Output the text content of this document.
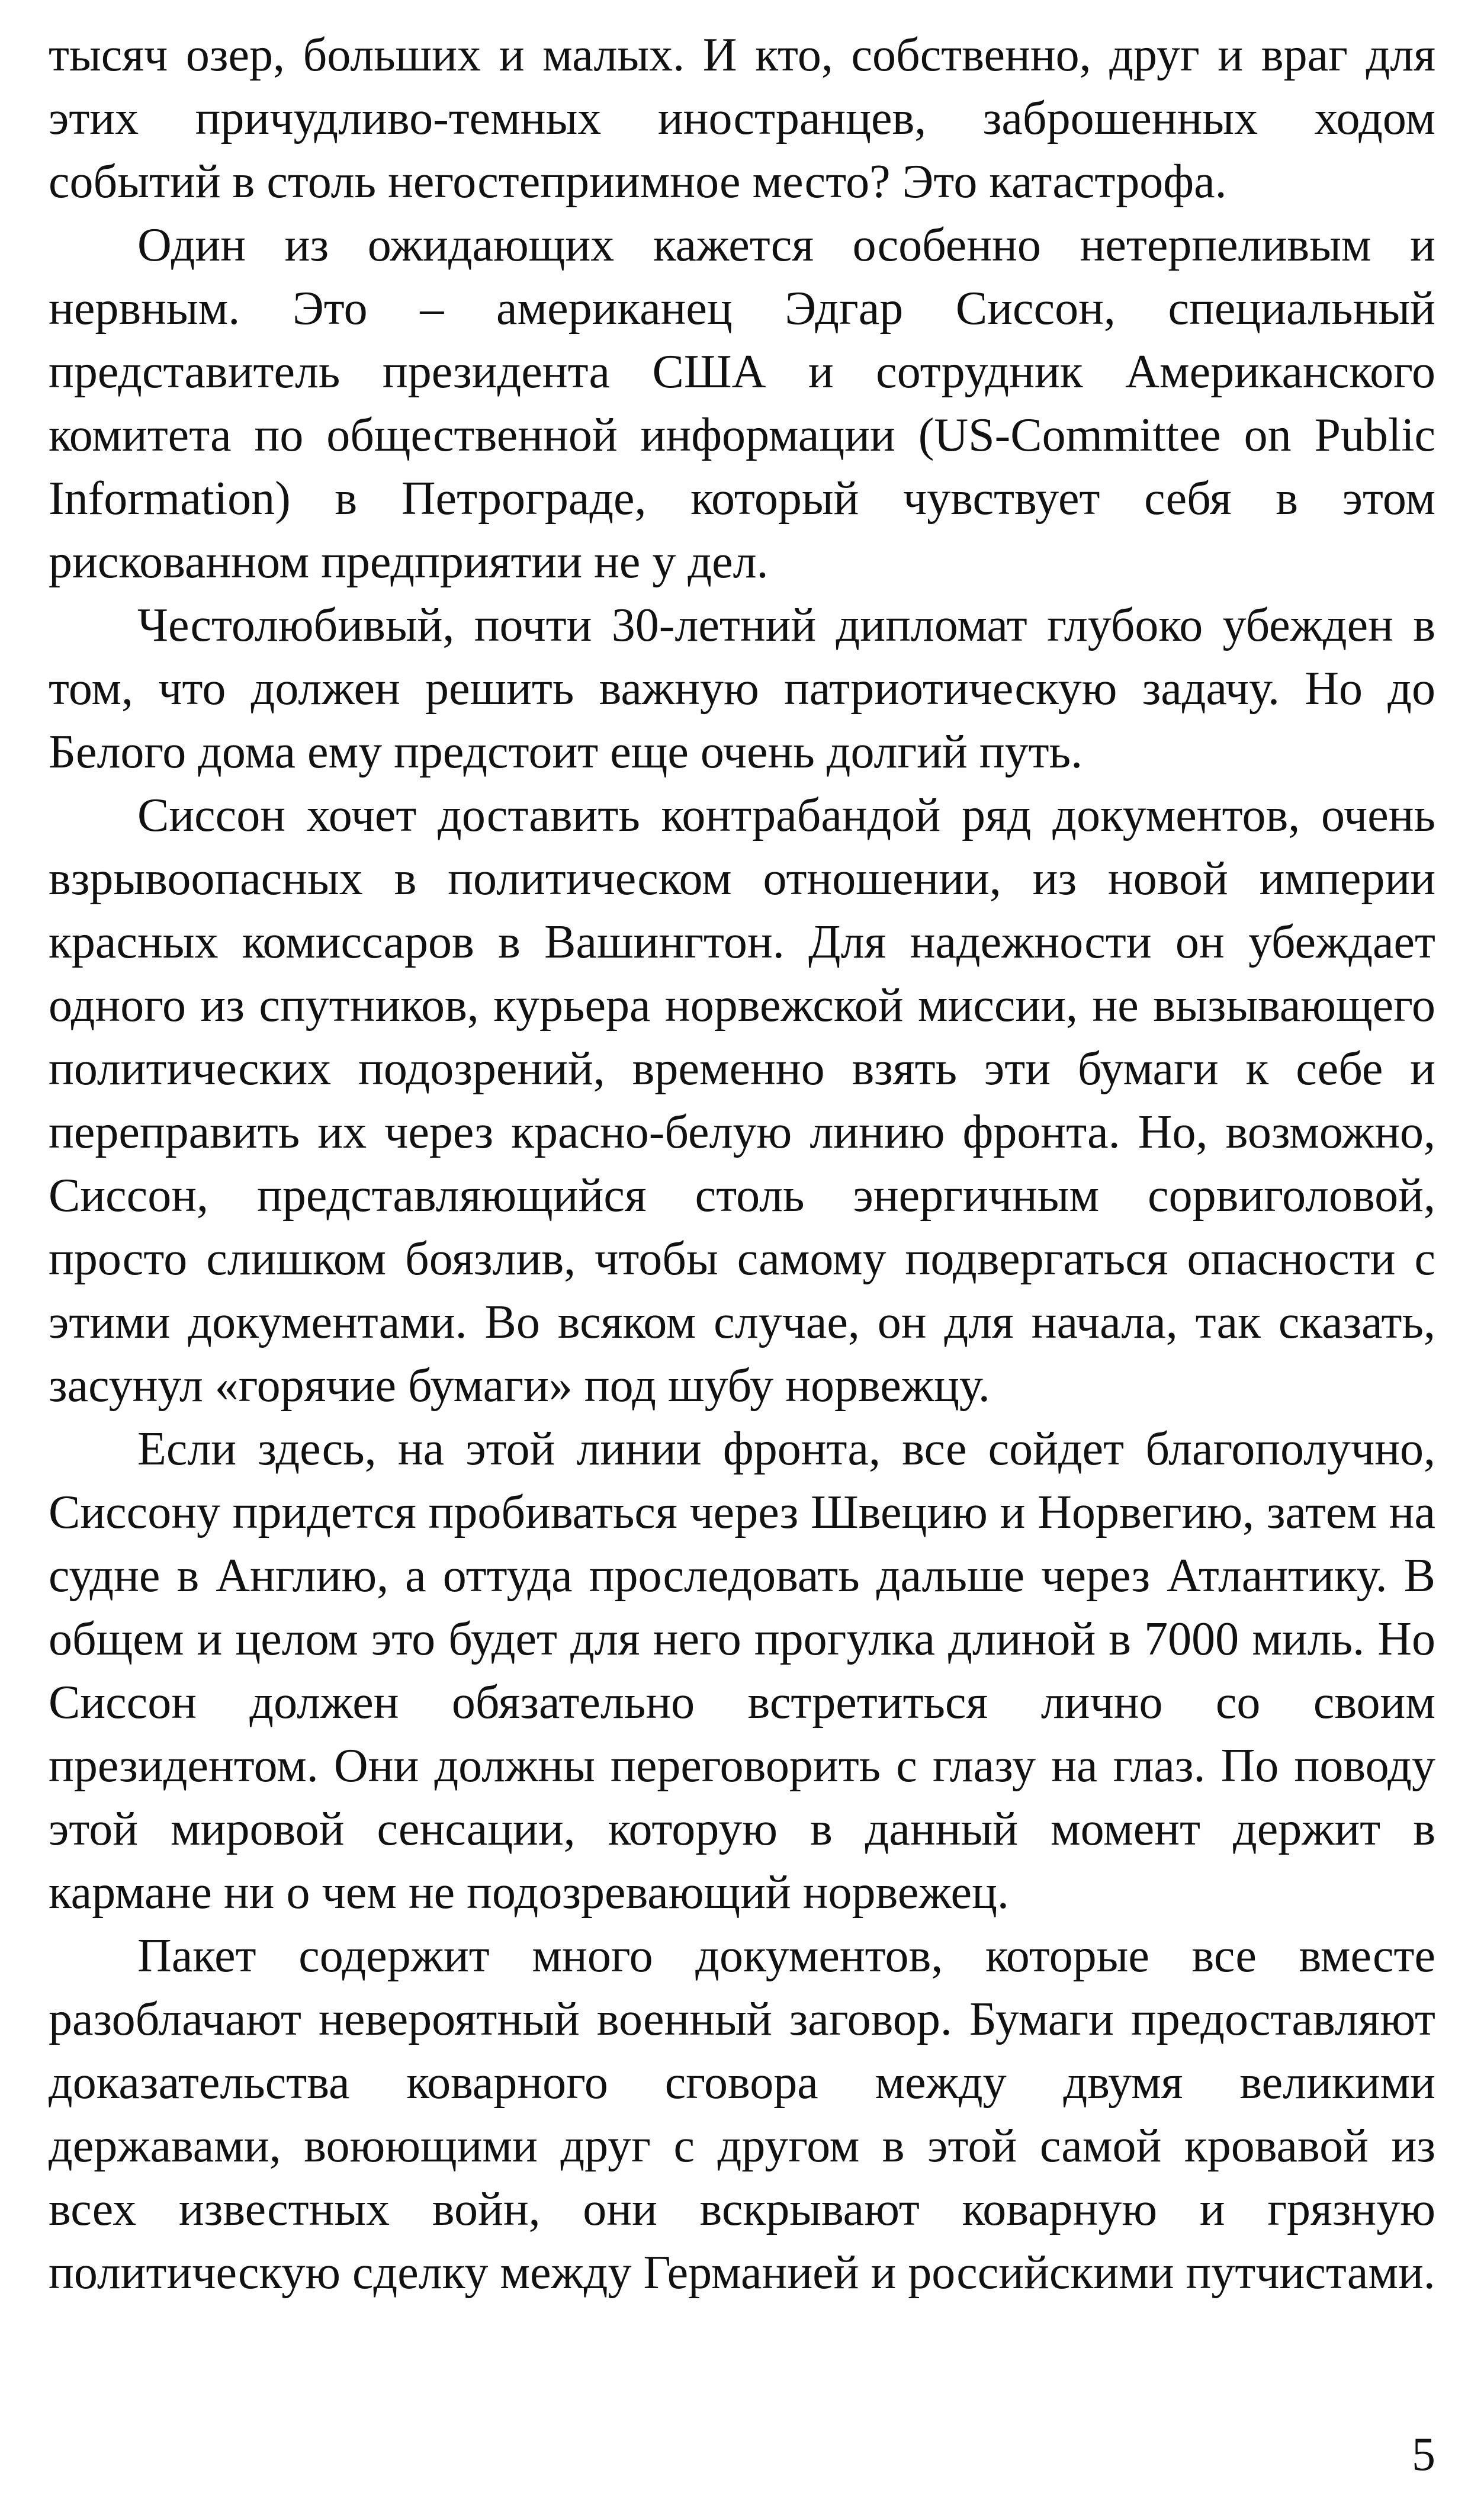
тысяч озер, больших и малых. И кто, собственно, друг и враг для этих причудливо-темных иностранцев, заброшенных ходом событий в столь негостеприимное место? Это катастрофа.

Один из ожидающих кажется особенно нетерпеливым и нервным. Это – американец Эдгар Сиссон, специальный представитель президента США и сотрудник Американского комитета по общественной информации (US-Committee on Public Information) в Петрограде, который чувствует себя в этом рискованном предприятии не у дел.

Честолюбивый, почти 30-летний дипломат глубоко убежден в том, что должен решить важную патриотическую задачу. Но до Белого дома ему предстоит еще очень долгий путь.

Сиссон хочет доставить контрабандой ряд документов, очень взрывоопасных в политическом отношении, из новой империи красных комиссаров в Вашингтон. Для надежности он убеждает одного из спутников, курьера норвежской миссии, не вызывающего политических подозрений, временно взять эти бумаги к себе и переправить их через красно-белую линию фронта. Но, возможно, Сиссон, представляющийся столь энергичным сорвиголовой, просто слишком боязлив, чтобы самому подвергаться опасности с этими документами. Во всяком случае, он для начала, так сказать, засунул «горячие бумаги» под шубу норвежцу.

Если здесь, на этой линии фронта, все сойдет благополучно, Сиссону придется пробиваться через Швецию и Норвегию, затем на судне в Англию, а оттуда проследовать дальше через Атлантику. В общем и целом это будет для него прогулка длиной в 7000 миль. Но Сиссон должен обязательно встретиться лично со своим президентом. Они должны переговорить с глазу на глаз. По поводу этой мировой сенсации, которую в данный момент держит в кармане ни о чем не подозревающий норвежец.

Пакет содержит много документов, которые все вместе разоблачают невероятный военный заговор. Бумаги предоставляют доказательства коварного сговора между двумя великими державами, воюющими друг с другом в этой самой кровавой из всех известных войн, они вскрывают коварную и грязную политическую сделку между Германией и российскими путчистами.

5
